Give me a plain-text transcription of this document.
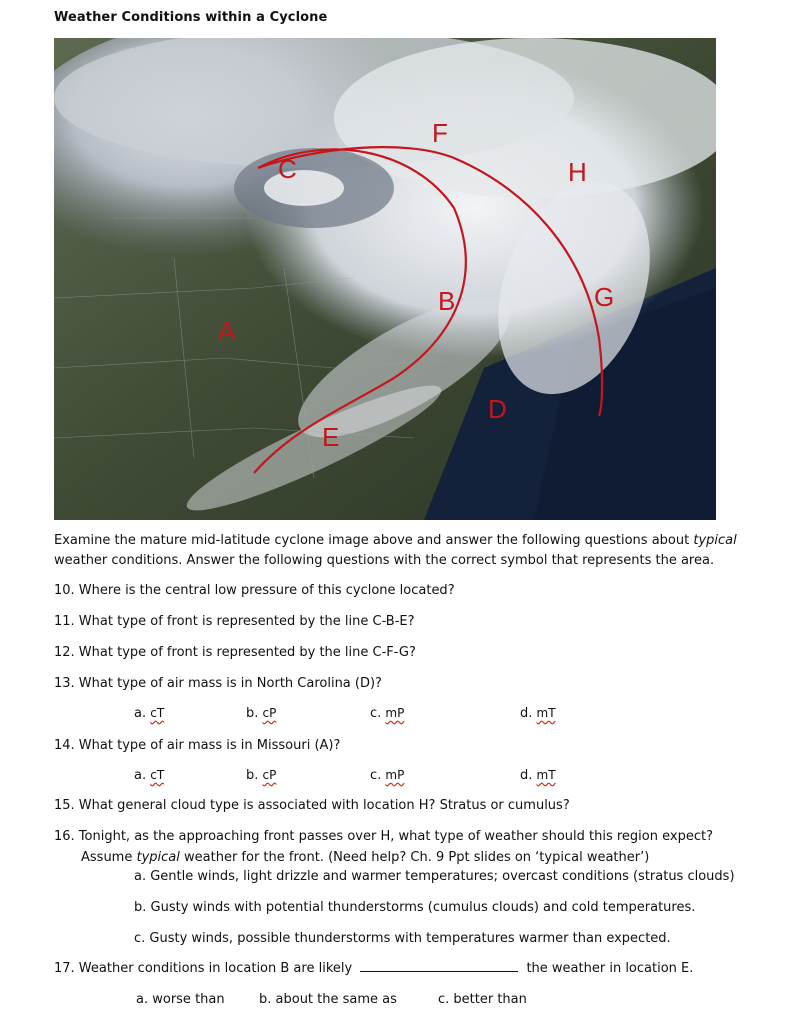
Weather Conditions within a Cyclone
C
F
H
B	G
A
D
E
Examine the mature mid-latitude cyclone image above and answer the following questions about typical weather conditions. Answer the following questions with the correct symbol that represents the area.
10. Where is the central low pressure of this cyclone located?
11. What type of front is represented by the line C-B-E?
12. What type of front is represented by the line C-F-G?
13. What type of air mass is in North Carolina (D)?
a. cT	b. cP	c. mP	d. mT
14. What type of air mass is in Missouri (A)?
a. cT	b. cP	c. mP	d. mT
15. What general cloud type is associated with location H? Stratus or cumulus?
16. Tonight, as the approaching front passes over H, what type of weather should this region expect?
Assume typical weather for the front. (Need help? Ch. 9 Ppt slides on ‘typical weather’)
a. Gentle winds, light drizzle and warmer temperatures; overcast conditions (stratus clouds)
b. Gusty winds with potential thunderstorms (cumulus clouds) and cold temperatures.
c. Gusty winds, possible thunderstorms with temperatures warmer than expected.
17. Weather conditions in location B are likely	the weather in location E.
a. worse than	b. about the same as	c. better than
